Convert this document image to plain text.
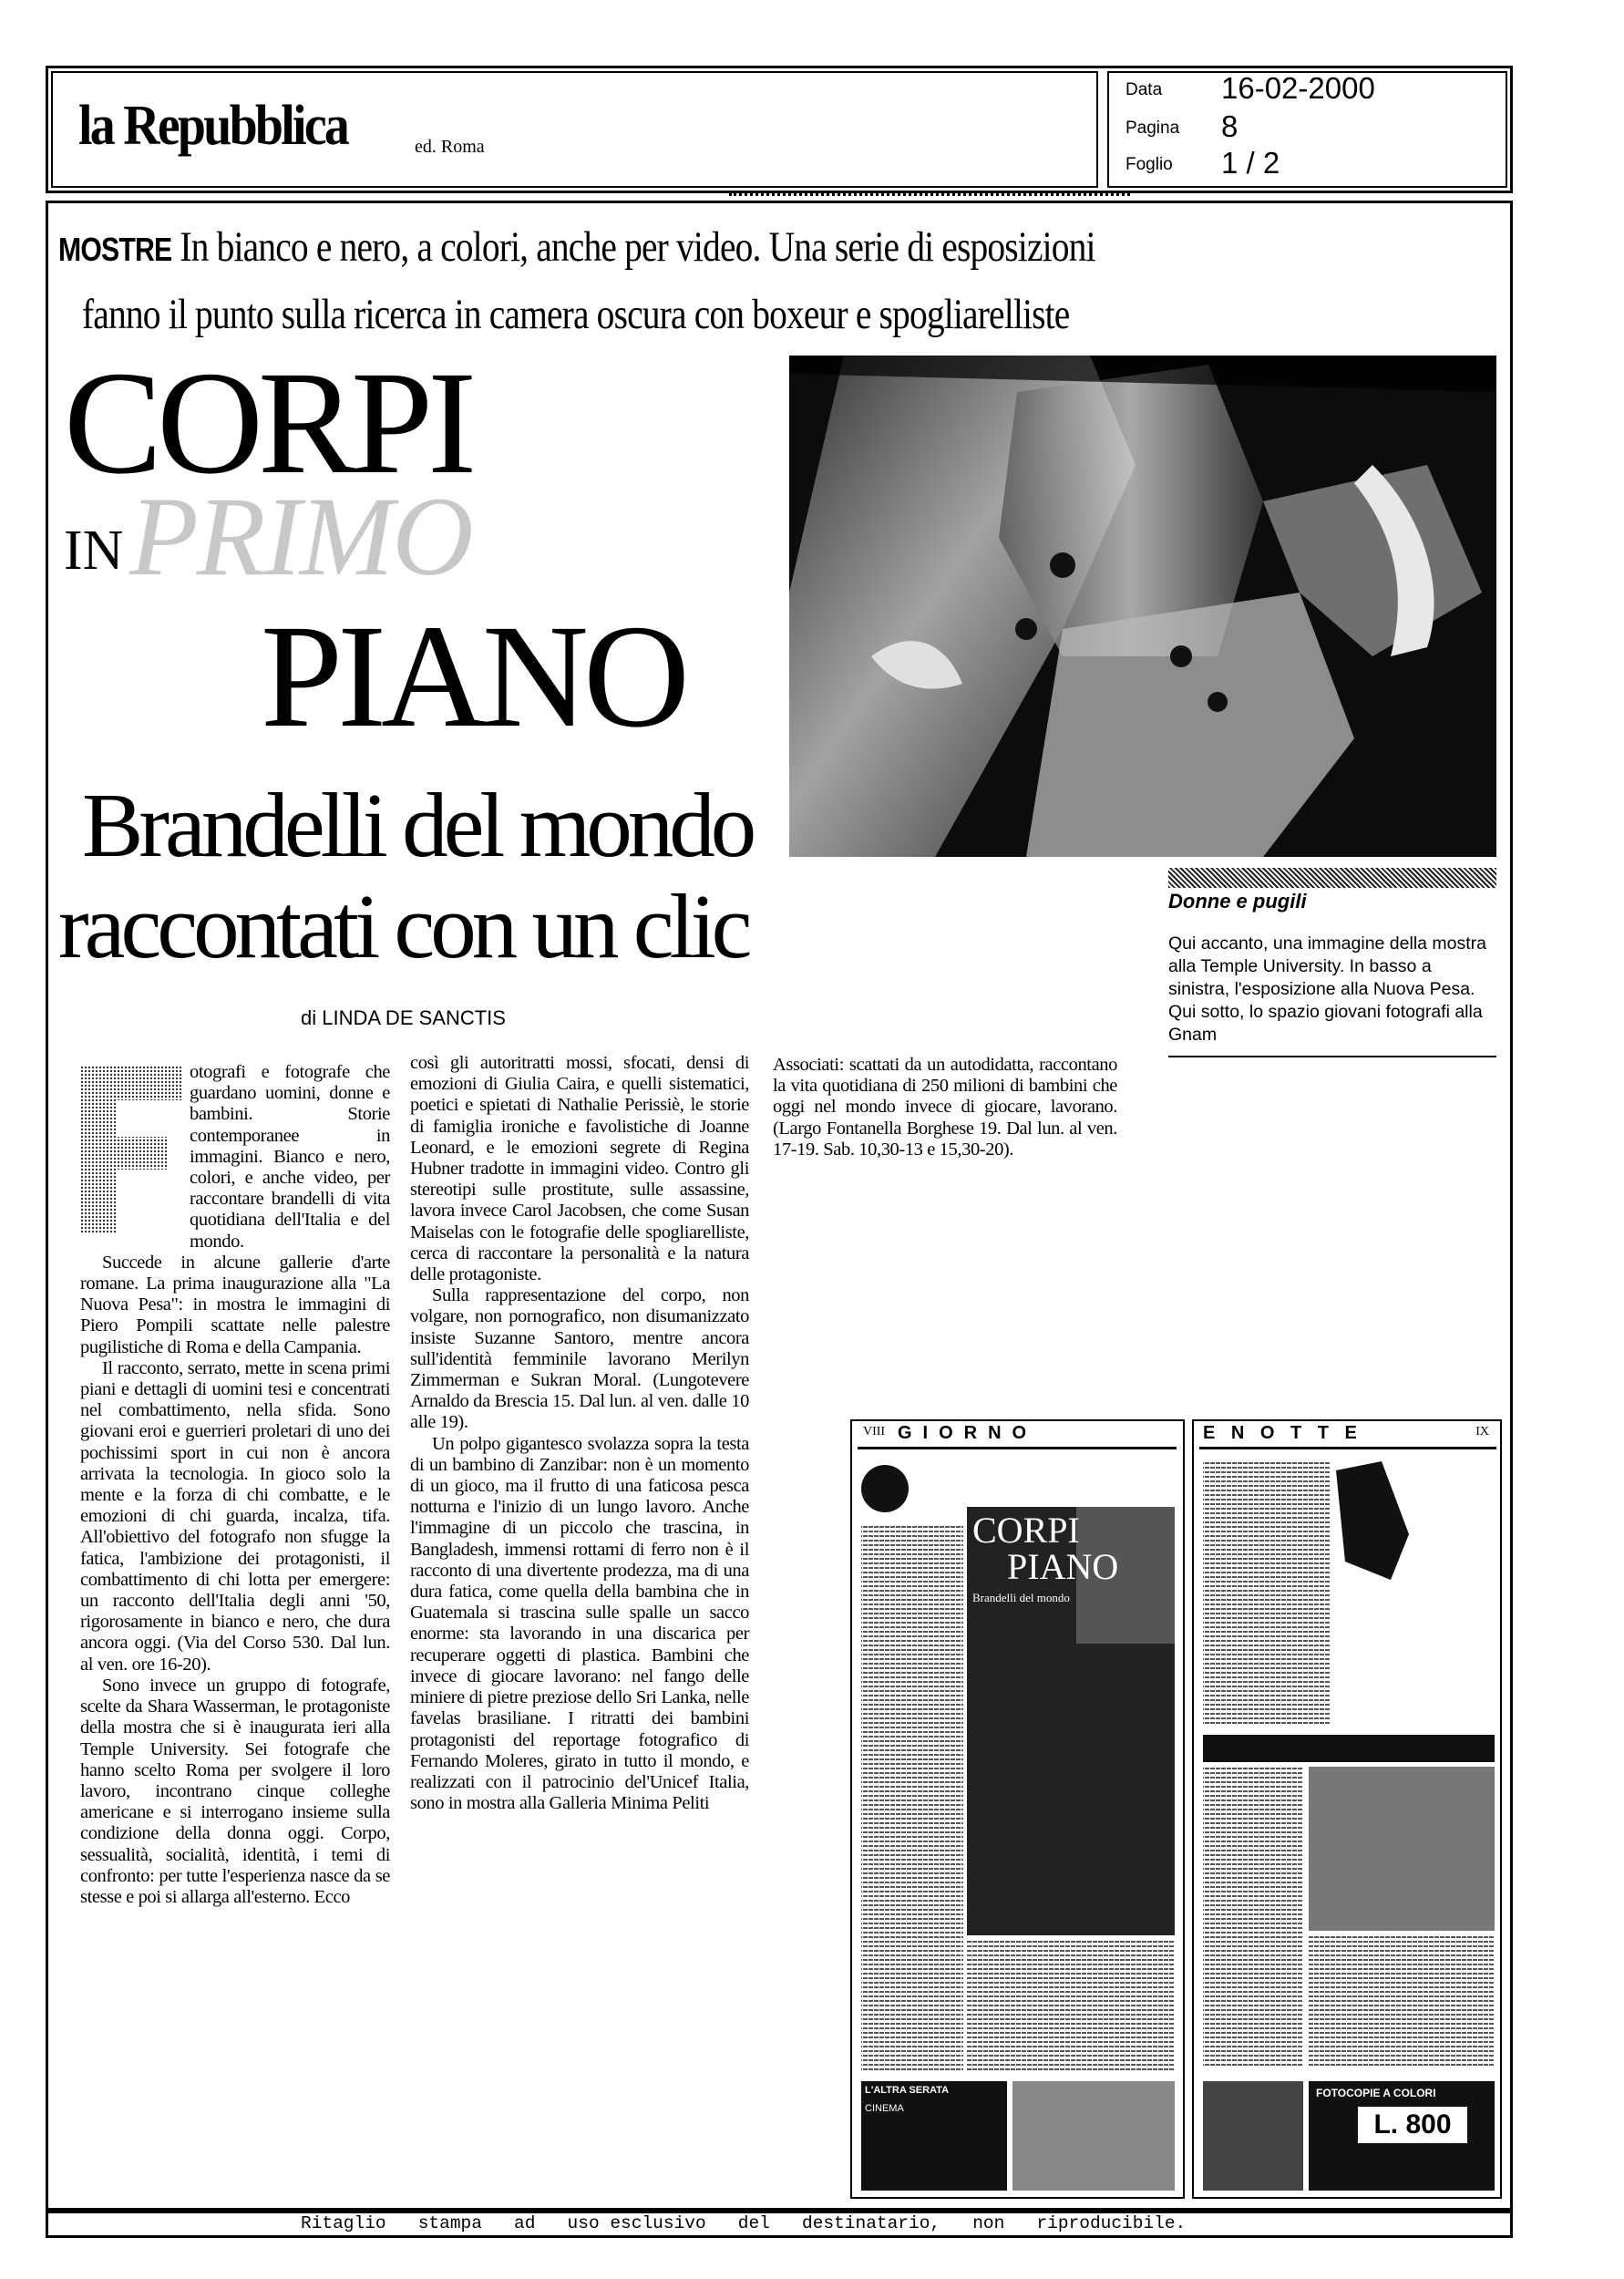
la Repubblica	ed. Roma
Data 16-02-2000
Pagina 8
Foglio 1 / 2
MOSTRE In bianco e nero, a colori, anche per video. Una serie di esposizioni
fanno il punto sulla ricerca in camera oscura con boxeur e spogliarelliste
CORPI
PRIMO
IN
PIANO
Brandelli del mondo
raccontati con un clic
di LINDA DE SANCTIS
Donne e pugili
Qui accanto, una immagine della mostra alla Temple University. In basso a sinistra, l'esposizione alla Nuova Pesa. Qui sotto, lo spazio giovani fotografi alla Gnam

otografi e fotografe che guardano uomini, donne e bambini. Storie contemporanee in immagini. Bianco e nero, colori, e anche video, per raccontare brandelli di vita quotidiana dell'Italia e del mondo.

Succede in alcune gallerie d'arte romane. La prima inaugurazione alla "La Nuova Pesa": in mostra le immagini di Piero Pompili scattate nelle palestre pugilistiche di Roma e della Campania.

Il racconto, serrato, mette in scena primi piani e dettagli di uomini tesi e concentrati nel combattimento, nella sfida. Sono giovani eroi e guerrieri proletari di uno dei pochissimi sport in cui non è ancora arrivata la tecnologia. In gioco solo la mente e la forza di chi combatte, e le emozioni di chi guarda, incalza, tifa. All'obiettivo del fotografo non sfugge la fatica, l'ambizione dei protagonisti, il combattimento di chi lotta per emergere: un racconto dell'Italia degli anni '50, rigorosamente in bianco e nero, che dura ancora oggi. (Via del Corso 530. Dal lun. al ven. ore 16-20).

Sono invece un gruppo di fotografe, scelte da Shara Wasserman, le protagoniste della mostra che si è inaugurata ieri alla Temple University. Sei fotografe che hanno scelto Roma per svolgere il loro lavoro, incontrano cinque colleghe americane e si interrogano insieme sulla condizione della donna oggi. Corpo, sessualità, socialità, identità, i temi di confronto: per tutte l'esperienza nasce da se stesse e poi si allarga all'esterno. Ecco

così gli autoritratti mossi, sfocati, densi di emozioni di Giulia Caira, e quelli sistematici, poetici e spietati di Nathalie Perissiè, le storie di famiglia ironiche e favolistiche di Joanne Leonard, e le emozioni segrete di Regina Hubner tradotte in immagini video. Contro gli stereotipi sulle prostitute, sulle assassine, lavora invece Carol Jacobsen, che come Susan Maiselas con le fotografie delle spogliarelliste, cerca di raccontare la personalità e la natura delle protagoniste.

Sulla rappresentazione del corpo, non volgare, non pornografico, non disumanizzato insiste Suzanne Santoro, mentre ancora sull'identità femminile lavorano Merilyn Zimmerman e Sukran Moral. (Lungotevere Arnaldo da Brescia 15. Dal lun. al ven. dalle 10 alle 19).

Un polpo gigantesco svolazza sopra la testa di un bambino di Zanzibar: non è un momento di un gioco, ma il frutto di una faticosa pesca notturna e l'inizio di un lungo lavoro. Anche l'immagine di un piccolo che trascina, in Bangladesh, immensi rottami di ferro non è il racconto di una divertente prodezza, ma di una dura fatica, come quella della bambina che in Guatemala si trascina sulle spalle un sacco enorme: sta lavorando in una discarica per recuperare oggetti di plastica. Bambini che invece di giocare lavorano: nel fango delle miniere di pietre preziose dello Sri Lanka, nelle favelas brasiliane. I ritratti dei bambini protagonisti del reportage fotografico di Fernando Moleres, girato in tutto il mondo, e realizzati con il patrocinio del'Unicef Italia, sono in mostra alla Galleria Minima Peliti

Associati: scattati da un autodidatta, raccontano la vita quotidiana di 250 milioni di bambini che oggi nel mondo invece di giocare, lavorano. (Largo Fontanella Borghese 19. Dal lun. al ven. 17-19. Sab. 10,30-13 e 15,30-20).

VIII GIORNO
CORPI
PIANO
Brandelli del mondo
L'ALTRA SERATA
CINEMA
E N O T T E	IX
FOTOCOPIE A COLORI
L. 800
Ritaglio   stampa   ad   uso esclusivo   del   destinatario,   non   riproducibile.
